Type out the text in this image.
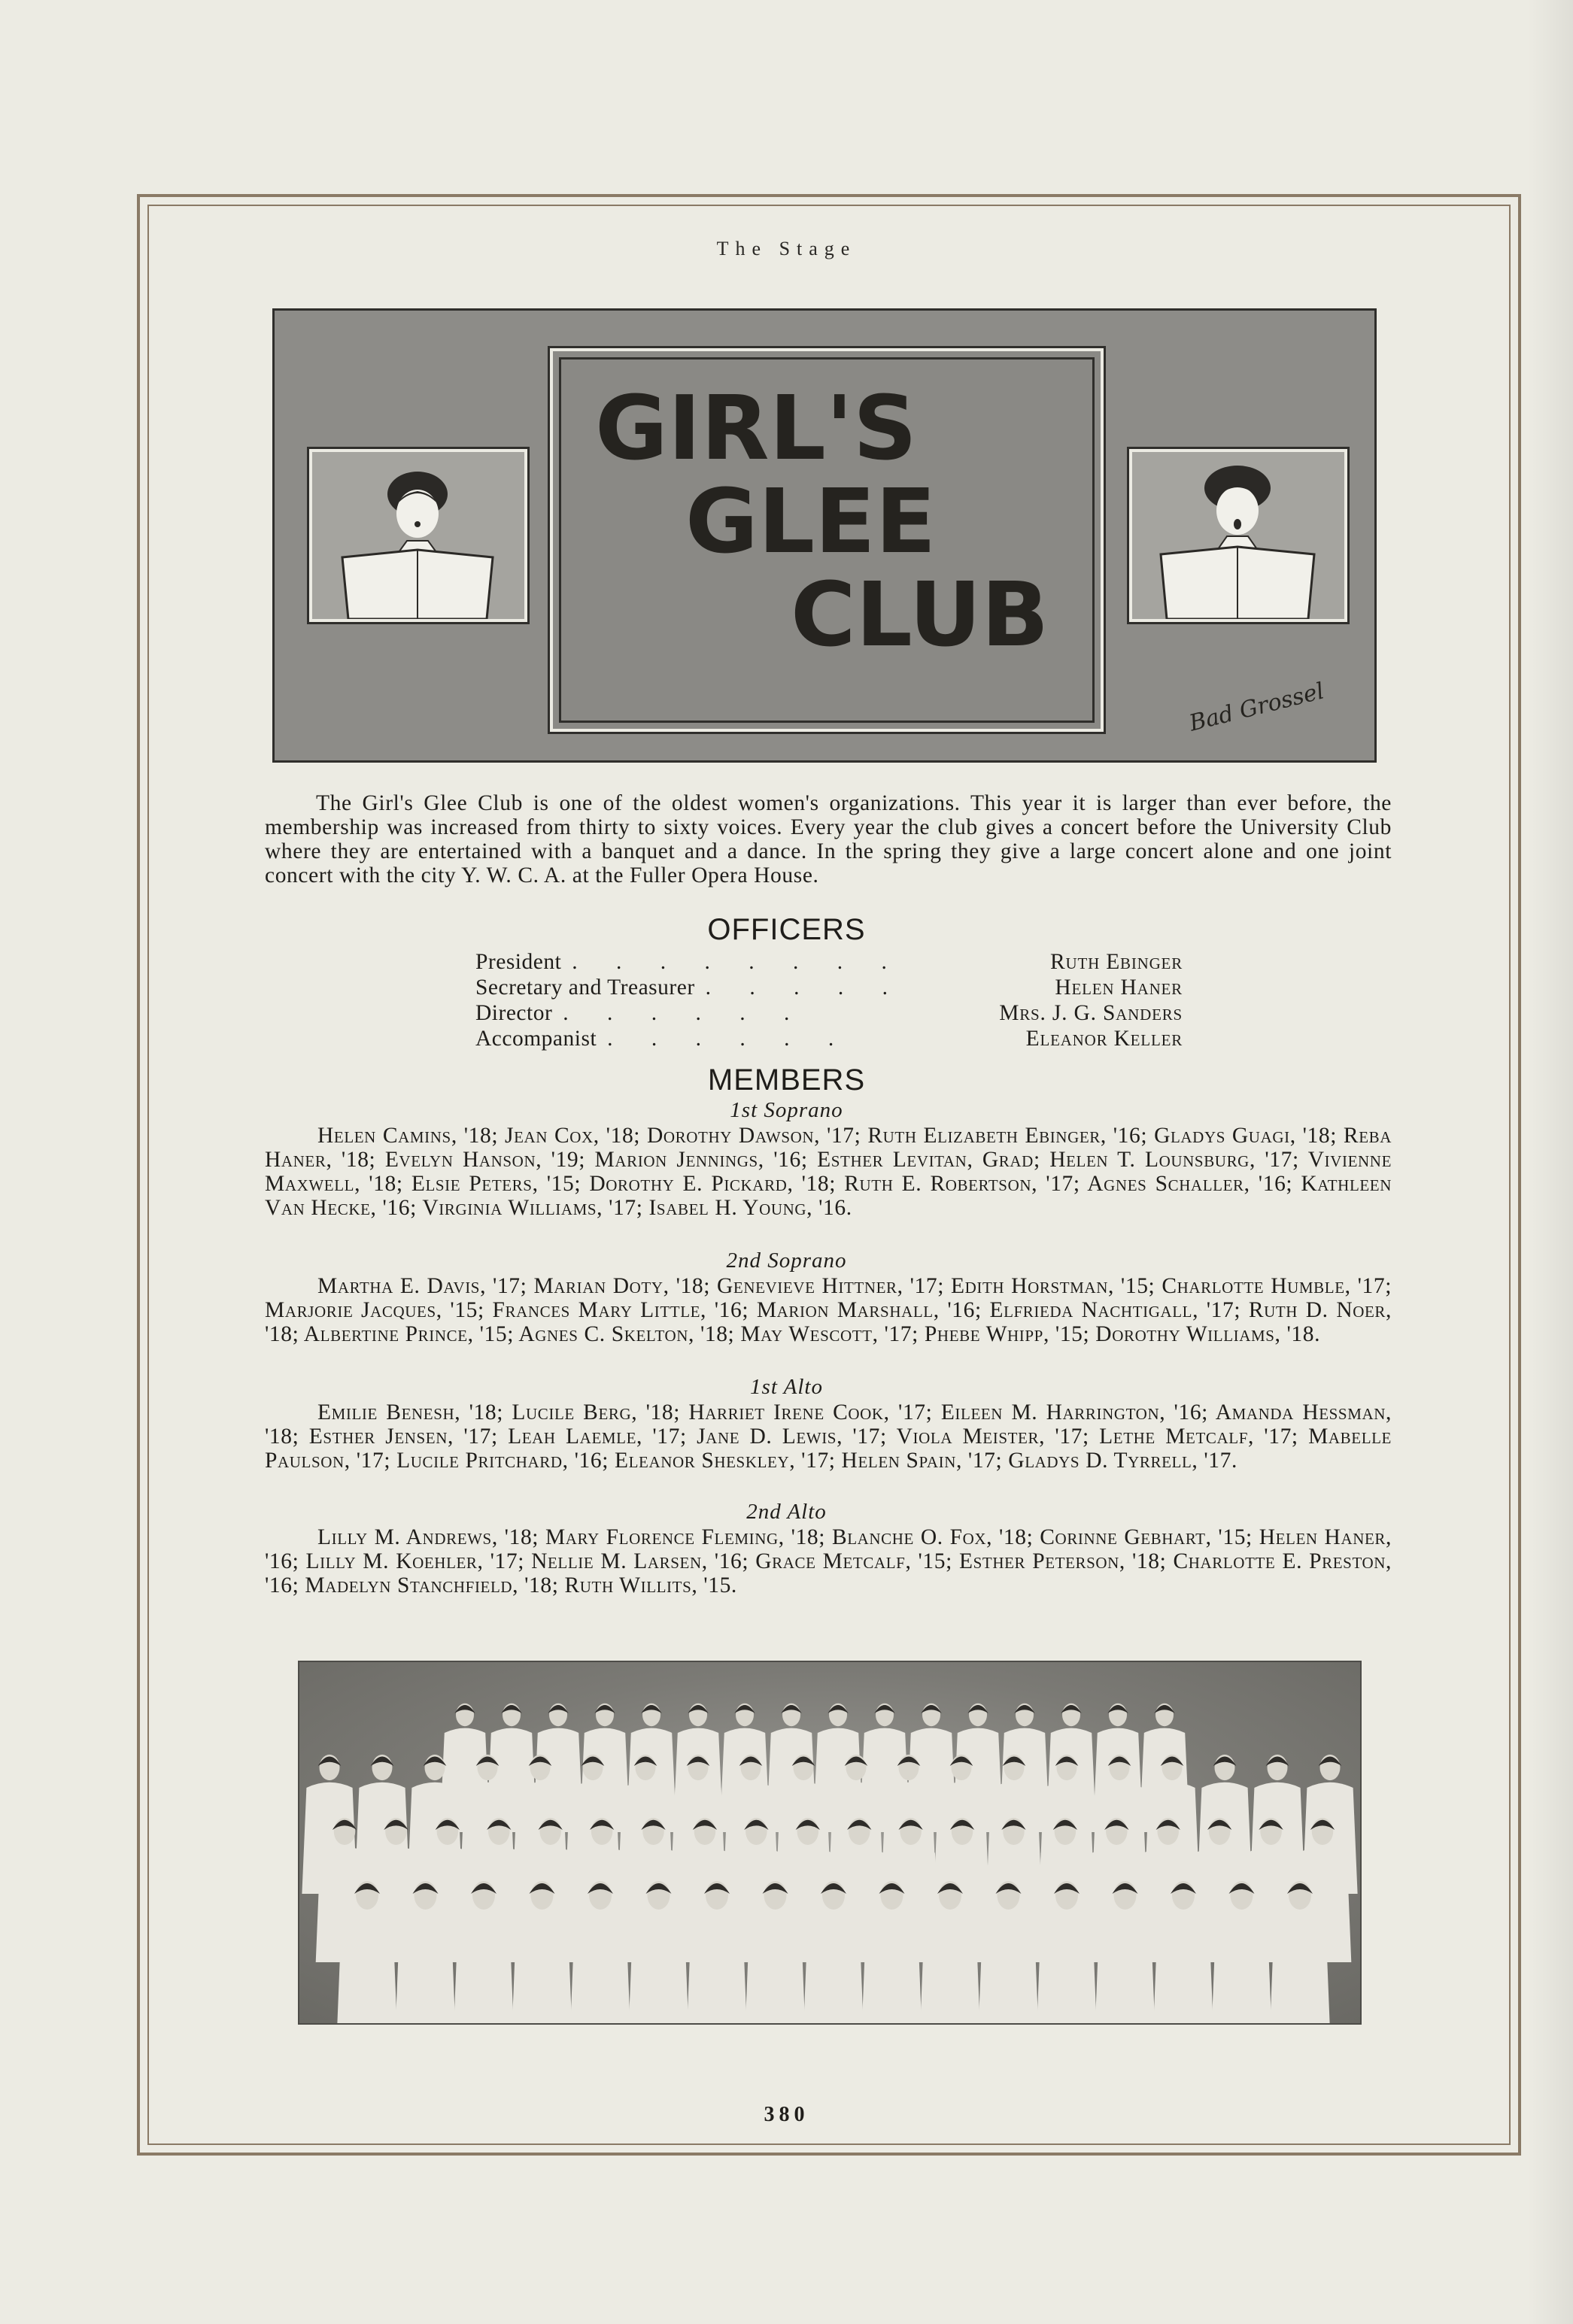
The Stage
GIRL'S
GLEE
CLUB
Bad Grossel
The Girl's Glee Club is one of the oldest women's organizations. This year it is larger than ever before, the membership was increased from thirty to sixty voices. Every year the club gives a concert before the University Club where they are entertained with a banquet and a dance. In the spring they give a large concert alone and one joint concert with the city Y. W. C. A. at the Fuller Opera House.
OFFICERS
President . . . . . . . .	Ruth Ebinger
Secretary and Treasurer . . . . .	Helen Haner
Director . . . . . .	Mrs. J. G. Sanders
Accompanist . . . . . .	Eleanor Keller
MEMBERS
1st Soprano
Helen Camins, '18; Jean Cox, '18; Dorothy Dawson, '17; Ruth Elizabeth Ebinger, '16; Gladys Guagi, '18; Reba Haner, '18; Evelyn Hanson, '19; Marion Jennings, '16; Esther Levitan, Grad; Helen T. Lounsburg, '17; Vivienne Maxwell, '18; Elsie Peters, '15; Dorothy E. Pickard, '18; Ruth E. Robertson, '17; Agnes Schaller, '16; Kathleen Van Hecke, '16; Virginia Williams, '17; Isabel H. Young, '16.
2nd Soprano
Martha E. Davis, '17; Marian Doty, '18; Genevieve Hittner, '17; Edith Horstman, '15; Charlotte Humble, '17; Marjorie Jacques, '15; Frances Mary Little, '16; Marion Marshall, '16; Elfrieda Nachtigall, '17; Ruth D. Noer, '18; Albertine Prince, '15; Agnes C. Skelton, '18; May Wescott, '17; Phebe Whipp, '15; Dorothy Williams, '18.
1st Alto
Emilie Benesh, '18; Lucile Berg, '18; Harriet Irene Cook, '17; Eileen M. Harrington, '16; Amanda Hessman, '18; Esther Jensen, '17; Leah Laemle, '17; Jane D. Lewis, '17; Viola Meister, '17; Lethe Metcalf, '17; Mabelle Paulson, '17; Lucile Pritchard, '16; Eleanor Sheskley, '17; Helen Spain, '17; Gladys D. Tyrrell, '17.
2nd Alto
Lilly M. Andrews, '18; Mary Florence Fleming, '18; Blanche O. Fox, '18; Corinne Gebhart, '15; Helen Haner, '16; Lilly M. Koehler, '17; Nellie M. Larsen, '16; Grace Metcalf, '15; Esther Peterson, '18; Charlotte E. Preston, '16; Madelyn Stanchfield, '18; Ruth Willits, '15.
380
